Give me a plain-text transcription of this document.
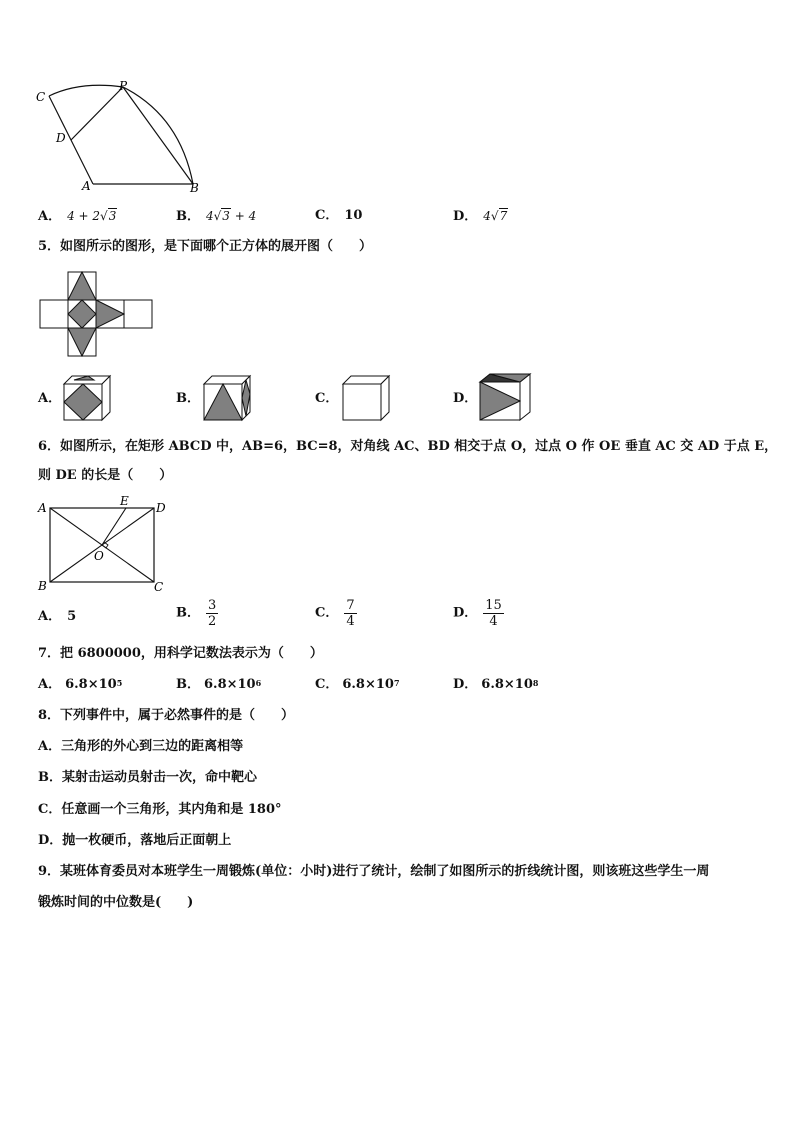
C
P
D
A	B
A． 4 + 2√3	B． 4√3 + 4	C． 10	D． 4√7
5．如图所示的图形，是下面哪个正方体的展开图（　　）
A．	B．	C．	D．
6．如图所示，在矩形 ABCD 中，AB=6，BC=8，对角线 AC、BD 相交于点 O，过点 O 作 OE 垂直 AC 交 AD 于点 E，
则 DE 的长是（　　）
A	D
E
O
B	C
A． 5	B． $\frac{3}{2}$	C． $\frac{7}{4}$	D． $\frac{15}{4}$
7．把 6800000，用科学记数法表示为（　　）
A． $6.8\times 10^5$	B． $6.8\times 10^6$	C． $6.8\times 10^7$	D． $6.8\times 10^8$
8．下列事件中，属于必然事件的是（　　）
A．三角形的外心到三边的距离相等
B．某射击运动员射击一次，命中靶心
C．任意画一个三角形，其内角和是 180°
D．抛一枚硬币，落地后正面朝上
9．某班体育委员对本班学生一周锻炼(单位：小时)进行了统计，绘制了如图所示的折线统计图，则该班这些学生一周
锻炼时间的中位数是(　　)
